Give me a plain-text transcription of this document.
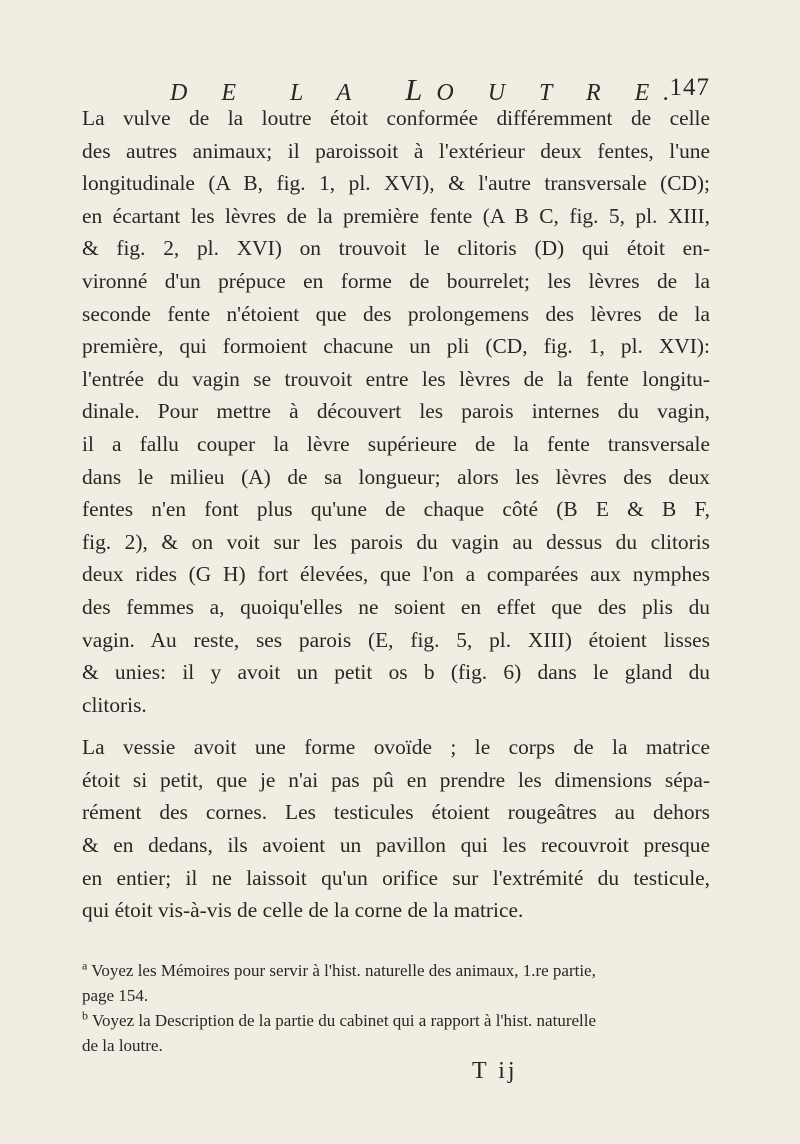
D E L A LO U T R E.
147

La vulve de la loutre étoit conformée différemment de celle
des autres animaux; il paroissoit à l'extérieur deux fentes, l'une
longitudinale (A B, fig. 1, pl. XVI), & l'autre transversale (CD);
en écartant les lèvres de la première fente (A B C, fig. 5, pl. XIII,
& fig. 2, pl. XVI) on trouvoit le clitoris (D) qui étoit en-
vironné d'un prépuce en forme de bourrelet; les lèvres de la
seconde fente n'étoient que des prolongemens des lèvres de la
première, qui formoient chacune un pli (CD, fig. 1, pl. XVI):
l'entrée du vagin se trouvoit entre les lèvres de la fente longitu-
dinale. Pour mettre à découvert les parois internes du vagin,
il a fallu couper la lèvre supérieure de la fente transversale
dans le milieu (A) de sa longueur; alors les lèvres des deux
fentes n'en font plus qu'une de chaque côté (B E & B F,
fig. 2), & on voit sur les parois du vagin au dessus du clitoris
deux rides (G H) fort élevées, que l'on a comparées aux nymphes
des femmes a, quoiqu'elles ne soient en effet que des plis du
vagin. Au reste, ses parois (E, fig. 5, pl. XIII) étoient lisses
& unies: il y avoit un petit os b (fig. 6) dans le gland du
clitoris.

La vessie avoit une forme ovoïde ; le corps de la matrice
étoit si petit, que je n'ai pas pû en prendre les dimensions sépa-
rément des cornes. Les testicules étoient rougeâtres au dehors
& en dedans, ils avoient un pavillon qui les recouvroit presque
en entier; il ne laissoit qu'un orifice sur l'extrémité du testicule,
qui étoit vis-à-vis de celle de la corne de la matrice.

$^a$ Voyez les Mémoires pour servir à l'hist. naturelle des animaux, 1.re partie,
page 154.
$^b$ Voyez la Description de la partie du cabinet qui a rapport à l'hist. naturelle
de la loutre.
T ij
